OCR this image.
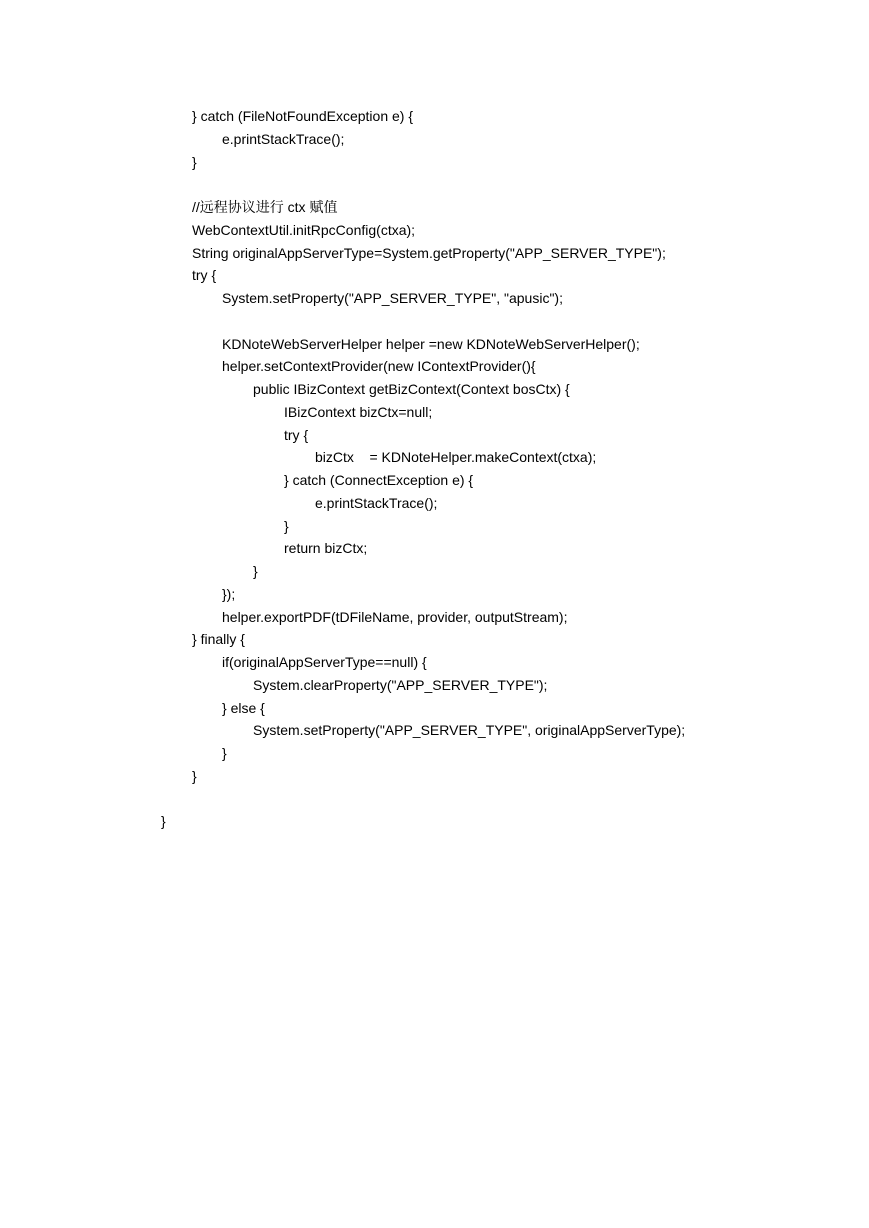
} catch (FileNotFoundException e) {
e.printStackTrace();
}
//远程协议进行 ctx 赋值
WebContextUtil.initRpcConfig(ctxa);
String originalAppServerType=System.getProperty("APP_SERVER_TYPE");
try {
System.setProperty("APP_SERVER_TYPE", "apusic");
KDNoteWebServerHelper helper =new KDNoteWebServerHelper();
helper.setContextProvider(new IContextProvider(){
public IBizContext getBizContext(Context bosCtx) {
IBizContext bizCtx=null;
try {
bizCtx    = KDNoteHelper.makeContext(ctxa);
} catch (ConnectException e) {
e.printStackTrace();
}
return bizCtx;
}
});
helper.exportPDF(tDFileName, provider, outputStream);
} finally {
if(originalAppServerType==null) {
System.clearProperty("APP_SERVER_TYPE");
} else {
System.setProperty("APP_SERVER_TYPE", originalAppServerType);
}
}
}
